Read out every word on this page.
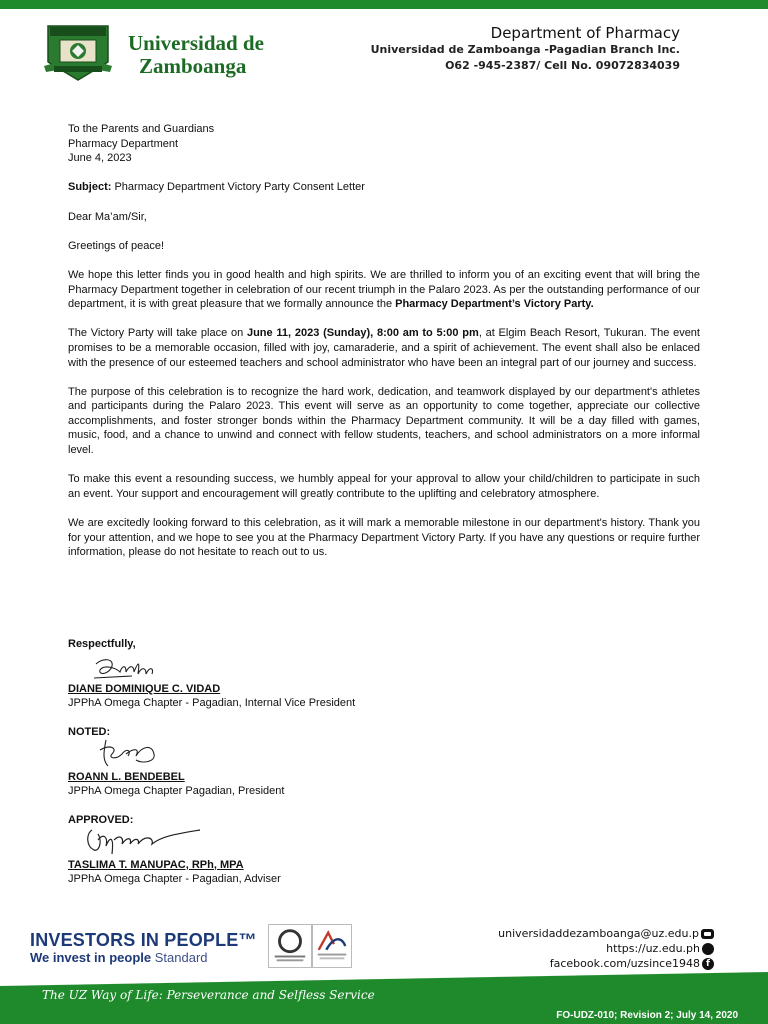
Universidad de
Zamboanga
Department of Pharmacy
Universidad de Zamboanga -Pagadian Branch Inc.
O62 -945-2387/ Cell No. 09072834039

To the Parents and Guardians
Pharmacy Department
June 4, 2023

Subject: Pharmacy Department Victory Party Consent Letter

Dear Ma’am/Sir,

Greetings of peace!

We hope this letter finds you in good health and high spirits. We are thrilled to inform you of an exciting event that will bring the Pharmacy Department together in celebration of our recent triumph in the Palaro 2023. As per the outstanding performance of our department, it is with great pleasure that we formally announce the Pharmacy Department’s Victory Party.

The Victory Party will take place on June 11, 2023 (Sunday), 8:00 am to 5:00 pm, at Elgim Beach Resort, Tukuran. The event promises to be a memorable occasion, filled with joy, camaraderie, and a spirit of achievement. The event shall also be enlaced with the presence of our esteemed teachers and school administrator who have been an integral part of our journey and success.

The purpose of this celebration is to recognize the hard work, dedication, and teamwork displayed by our department's athletes and participants during the Palaro 2023. This event will serve as an opportunity to come together, appreciate our collective accomplishments, and foster stronger bonds within the Pharmacy Department community. It will be a day filled with games, music, food, and a chance to unwind and connect with fellow students, teachers, and school administrators on a more informal level.

To make this event a resounding success, we humbly appeal for your approval to allow your child/children to participate in such an event. Your support and encouragement will greatly contribute to the uplifting and celebratory atmosphere.

We are excitedly looking forward to this celebration, as it will mark a memorable milestone in our department's history. Thank you for your attention, and we hope to see you at the Pharmacy Department Victory Party. If you have any questions or require further information, please do not hesitate to reach out to us.

Respectfully,
DIANE DOMINIQUE C. VIDAD
JPPhA Omega Chapter - Pagadian, Internal Vice President
NOTED:
ROANN L. BENDEBEL
JPPhA Omega Chapter Pagadian, President
APPROVED:
TASLIMA T. MANUPAC, RPh, MPA
JPPhA Omega Chapter - Pagadian, Adviser
INVESTORS IN PEOPLE™
We invest in people Standard
universidaddezamboanga@uz.edu.p
https://uz.edu.ph
facebook.com/uzsince1948 f
The UZ Way of Life: Perseverance and Selfless Service
FO-UDZ-010; Revision 2; July 14, 2020
